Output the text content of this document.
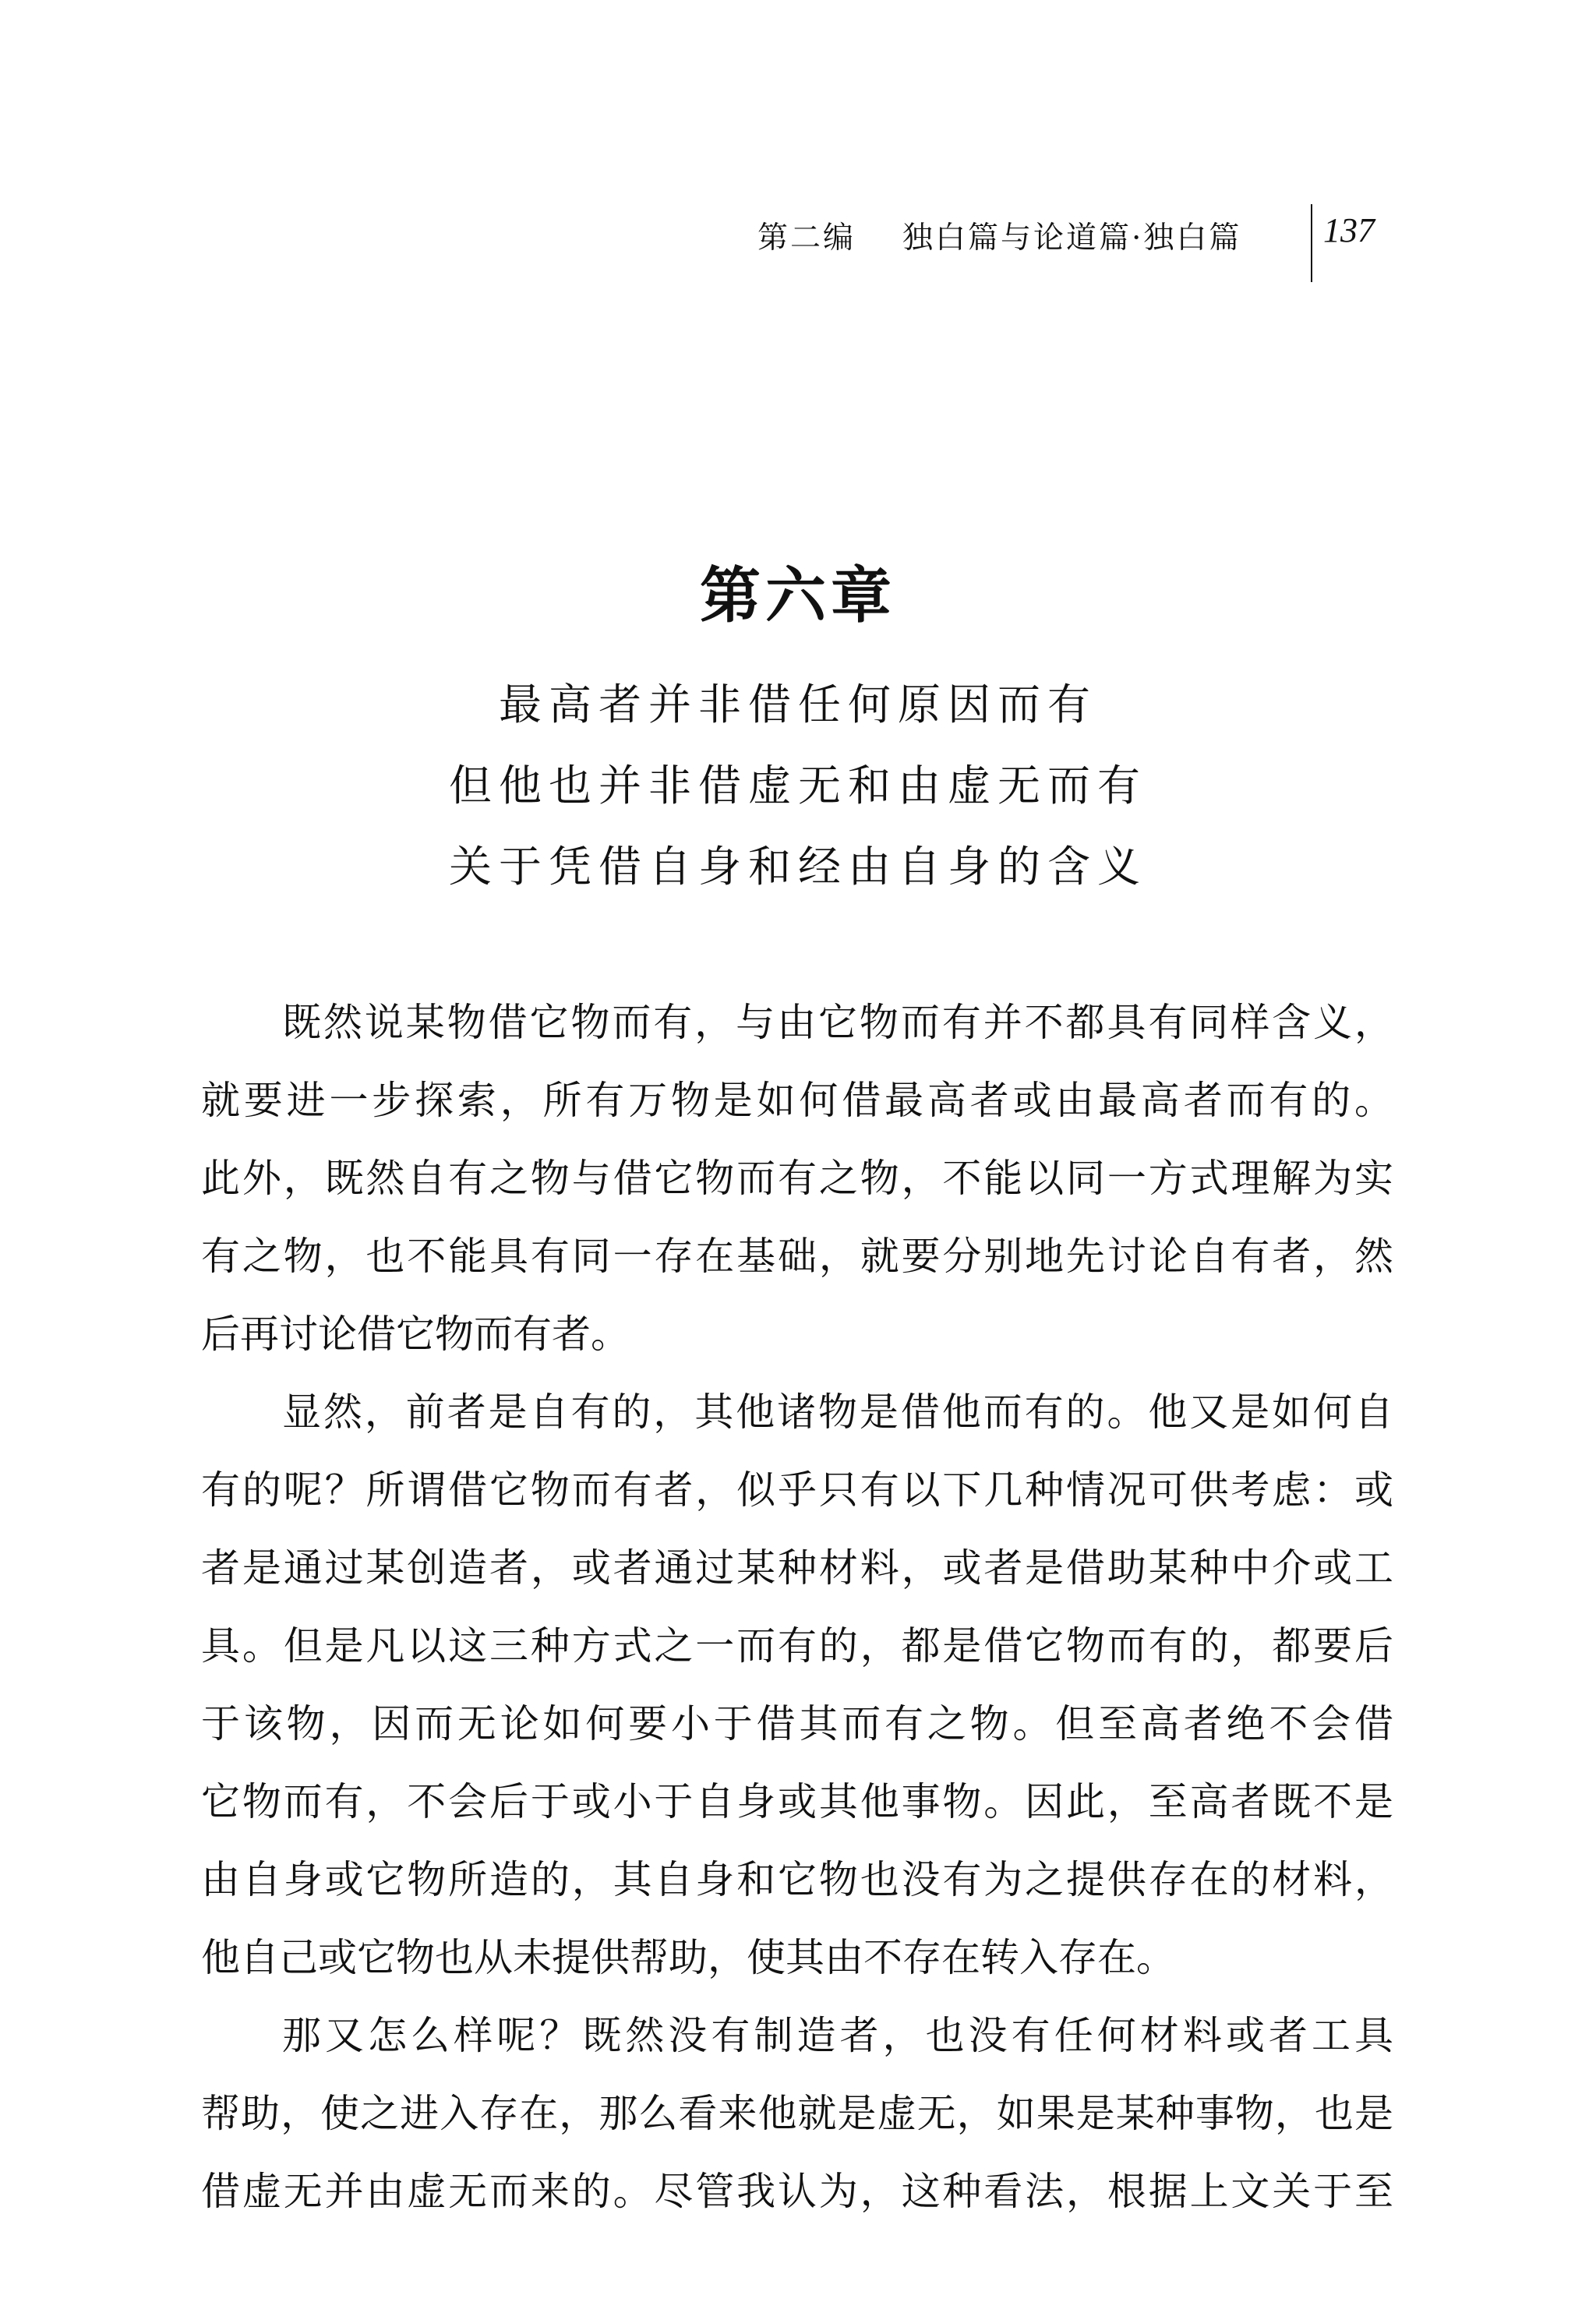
第二编 独白篇与论道篇·独白篇 137
第六章
最高者并非借任何原因而有
但他也并非借虚无和由虚无而有
关于凭借自身和经由自身的含义
既然说某物借它物而有，与由它物而有并不都具有同样含义，
就要进一步探索，所有万物是如何借最高者或由最高者而有的。
此外，既然自有之物与借它物而有之物，不能以同一方式理解为实
有之物，也不能具有同一存在基础，就要分别地先讨论自有者，然
后再讨论借它物而有者。
显然，前者是自有的，其他诸物是借他而有的。他又是如何自
有的呢？所谓借它物而有者，似乎只有以下几种情况可供考虑：或
者是通过某创造者，或者通过某种材料，或者是借助某种中介或工
具。但是凡以这三种方式之一而有的，都是借它物而有的，都要后
于该物，因而无论如何要小于借其而有之物。但至高者绝不会借
它物而有，不会后于或小于自身或其他事物。因此，至高者既不是
由自身或它物所造的，其自身和它物也没有为之提供存在的材料，
他自己或它物也从未提供帮助，使其由不存在转入存在。
那又怎么样呢？既然没有制造者，也没有任何材料或者工具
帮助，使之进入存在，那么看来他就是虚无，如果是某种事物，也是
借虚无并由虚无而来的。尽管我认为，这种看法，根据上文关于至
